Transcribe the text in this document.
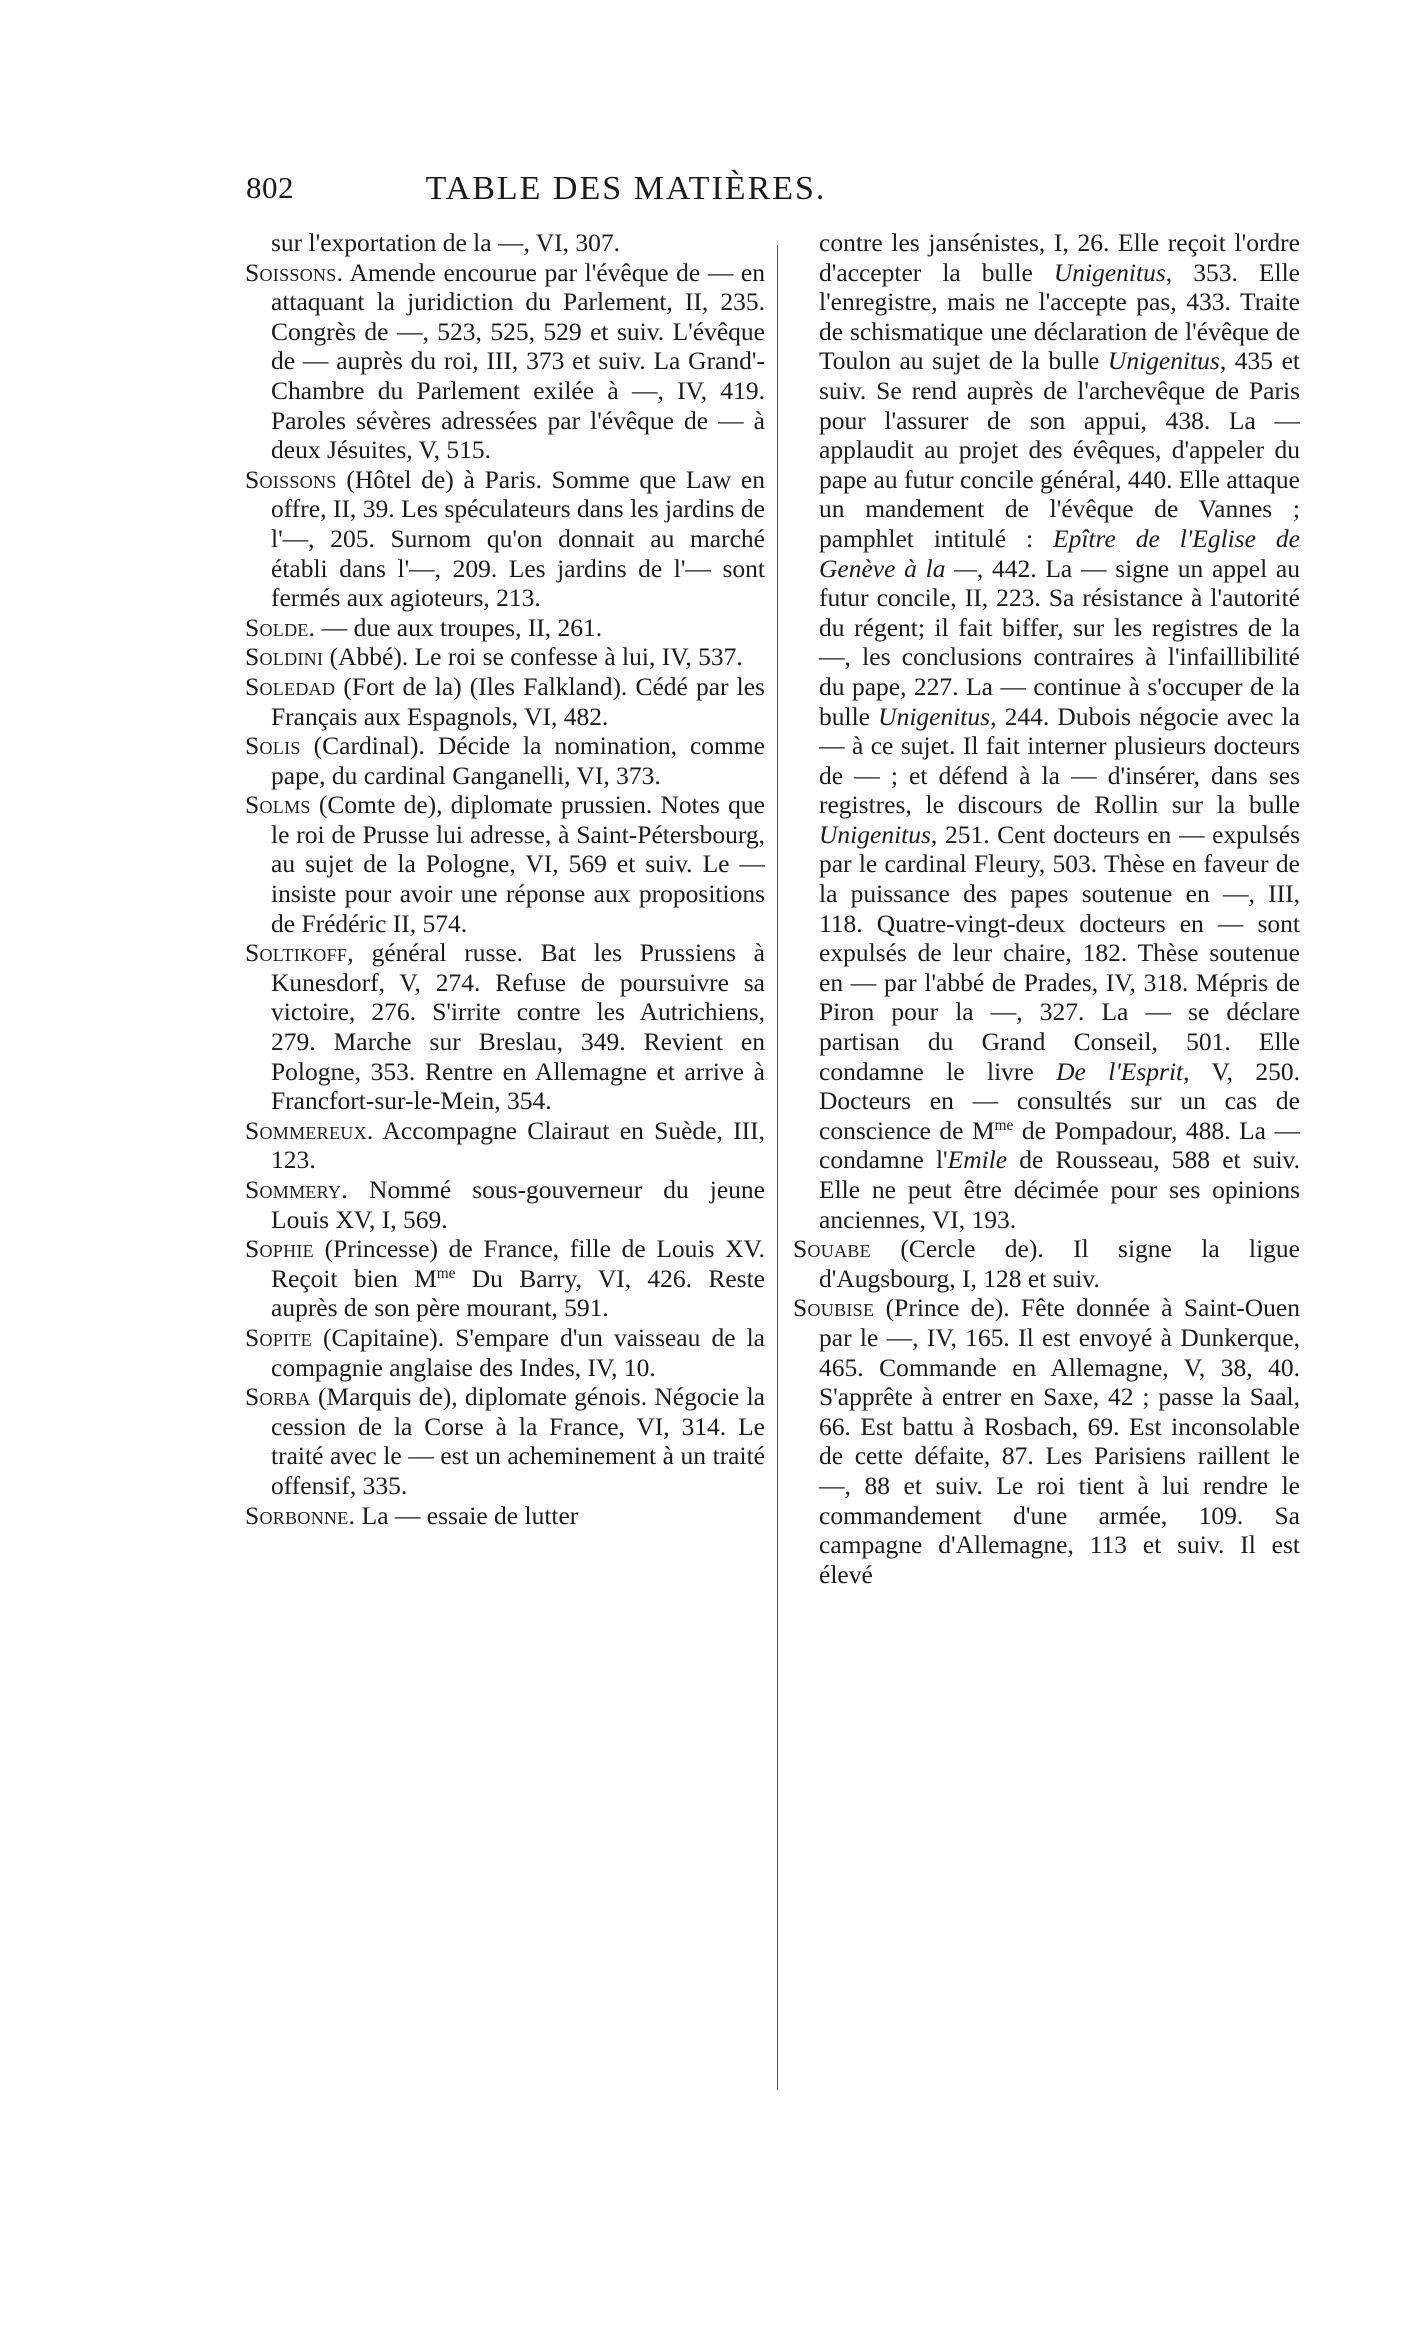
802	TABLE DES MATIÈRES.

sur l'exportation de la —, VI, 307.

Soissons. Amende encourue par l'évêque de — en attaquant la juridiction du Parlement, II, 235. Congrès de —, 523, 525, 529 et suiv. L'évêque de — auprès du roi, III, 373 et suiv. La Grand'-Chambre du Parlement exilée à —, IV, 419. Paroles sévères adressées par l'évêque de — à deux Jésuites, V, 515.

Soissons (Hôtel de) à Paris. Somme que Law en offre, II, 39. Les spéculateurs dans les jardins de l'—, 205. Surnom qu'on donnait au marché établi dans l'—, 209. Les jardins de l'— sont fermés aux agioteurs, 213.

Solde. — due aux troupes, II, 261.

Soldini (Abbé). Le roi se confesse à lui, IV, 537.

Soledad (Fort de la) (Iles Falkland). Cédé par les Français aux Espagnols, VI, 482.

Solis (Cardinal). Décide la nomination, comme pape, du cardinal Ganganelli, VI, 373.

Solms (Comte de), diplomate prussien. Notes que le roi de Prusse lui adresse, à Saint-Pétersbourg, au sujet de la Pologne, VI, 569 et suiv. Le — insiste pour avoir une réponse aux propositions de Frédéric II, 574.

Soltikoff, général russe. Bat les Prussiens à Kunesdorf, V, 274. Refuse de poursuivre sa victoire, 276. S'irrite contre les Autrichiens, 279. Marche sur Breslau, 349. Revient en Pologne, 353. Rentre en Allemagne et arrive à Francfort-sur-le-Mein, 354.

Sommereux. Accompagne Clairaut en Suède, III, 123.

Sommery. Nommé sous-gouverneur du jeune Louis XV, I, 569.

Sophie (Princesse) de France, fille de Louis XV. Reçoit bien $M^{me}$ Du Barry, VI, 426. Reste auprès de son père mourant, 591.

Sopite (Capitaine). S'empare d'un vaisseau de la compagnie anglaise des Indes, IV, 10.

Sorba (Marquis de), diplomate génois. Négocie la cession de la Corse à la France, VI, 314. Le traité avec le — est un acheminement à un traité offensif, 335.

Sorbonne. La — essaie de lutter

contre les jansénistes, I, 26. Elle reçoit l'ordre d'accepter la bulle Unigenitus, 353. Elle l'enregistre, mais ne l'accepte pas, 433. Traite de schismatique une déclaration de l'évêque de Toulon au sujet de la bulle Unigenitus, 435 et suiv. Se rend auprès de l'archevêque de Paris pour l'assurer de son appui, 438. La — applaudit au projet des évêques, d'appeler du pape au futur concile général, 440. Elle attaque un mandement de l'évêque de Vannes ; pamphlet intitulé : Epître de l'Eglise de Genève à la —, 442. La — signe un appel au futur concile, II, 223. Sa résistance à l'autorité du régent; il fait biffer, sur les registres de la —, les conclusions contraires à l'infaillibilité du pape, 227. La — continue à s'occuper de la bulle Unigenitus, 244. Dubois négocie avec la — à ce sujet. Il fait interner plusieurs docteurs de — ; et défend à la — d'insérer, dans ses registres, le discours de Rollin sur la bulle Unigenitus, 251. Cent docteurs en — expulsés par le cardinal Fleury, 503. Thèse en faveur de la puissance des papes soutenue en —, III, 118. Quatre-vingt-deux docteurs en — sont expulsés de leur chaire, 182. Thèse soutenue en — par l'abbé de Prades, IV, 318. Mépris de Piron pour la —, 327. La — se déclare partisan du Grand Conseil, 501. Elle condamne le livre De l'Esprit, V, 250. Docteurs en — consultés sur un cas de conscience de $M^{me}$ de Pompadour, 488. La — condamne l'Emile de Rousseau, 588 et suiv. Elle ne peut être décimée pour ses opinions anciennes, VI, 193.

Souabe (Cercle de). Il signe la ligue d'Augsbourg, I, 128 et suiv.

Soubise (Prince de). Fête donnée à Saint-Ouen par le —, IV, 165. Il est envoyé à Dunkerque, 465. Commande en Allemagne, V, 38, 40. S'apprête à entrer en Saxe, 42 ; passe la Saal, 66. Est battu à Rosbach, 69. Est inconsolable de cette défaite, 87. Les Parisiens raillent le —, 88 et suiv. Le roi tient à lui rendre le commandement d'une armée, 109. Sa campagne d'Allemagne, 113 et suiv. Il est élevé
